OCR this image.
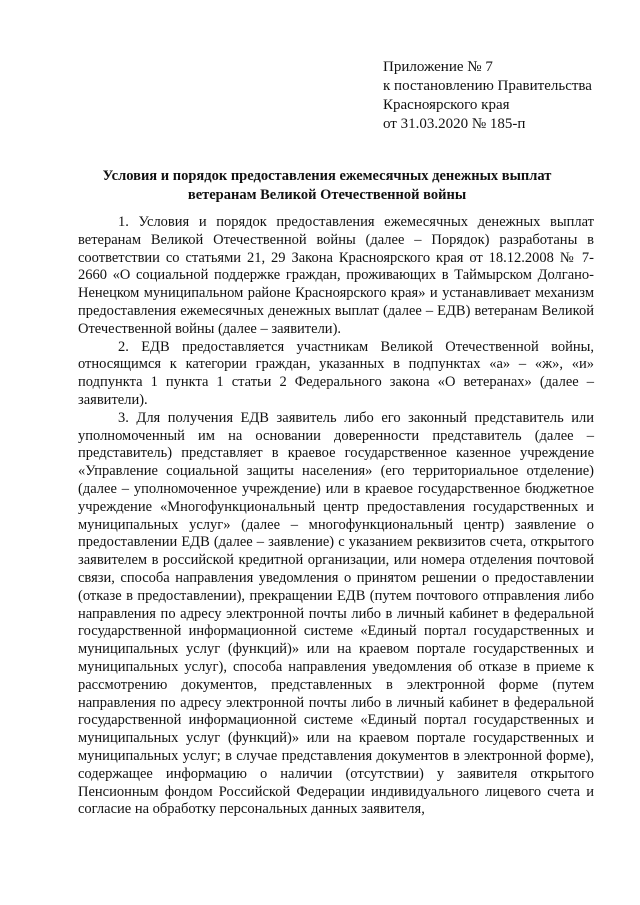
Приложение № 7
к постановлению Правительства
Красноярского края
от 31.03.2020 № 185-п
Условия и порядок предоставления ежемесячных денежных выплат
ветеранам Великой Отечественной войны

1. Условия и порядок предоставления ежемесячных денежных выплат ветеранам Великой Отечественной войны (далее – Порядок) разработаны в соответствии со статьями 21, 29 Закона Красноярского края от 18.12.2008 № 7-2660 «О социальной поддержке граждан, проживающих в Таймырском Долгано-Ненецком муниципальном районе Красноярского края» и устанавливает механизм предоставления ежемесячных денежных выплат (далее – ЕДВ) ветеранам Великой Отечественной войны (далее – заявители).

2. ЕДВ предоставляется участникам Великой Отечественной войны, относящимся к категории граждан, указанных в подпунктах «а» – «ж», «и» подпункта 1 пункта 1 статьи 2 Федерального закона «О ветеранах» (далее – заявители).

3. Для получения ЕДВ заявитель либо его законный представитель или уполномоченный им на основании доверенности представитель (далее – представитель) представляет в краевое государственное казенное учреждение «Управление социальной защиты населения» (его территориальное отделение) (далее – уполномоченное учреждение) или в краевое государственное бюджетное учреждение «Многофункциональный центр предоставления государственных и муниципальных услуг» (далее – многофункциональный центр) заявление о предоставлении ЕДВ (далее – заявление) с указанием реквизитов счета, открытого заявителем в российской кредитной организации, или номера отделения почтовой связи, способа направления уведомления о принятом решении о предоставлении (отказе в предоставлении), прекращении ЕДВ (путем почтового отправления либо направления по адресу электронной почты либо в личный кабинет в федеральной государственной информационной системе «Единый портал государственных и муниципальных услуг (функций)» или на краевом портале государственных и муниципальных услуг), способа направления уведомления об отказе в приеме к рассмотрению документов, представленных в электронной форме (путем направления по адресу электронной почты либо в личный кабинет в федеральной государственной информационной системе «Единый портал государственных и муниципальных услуг (функций)» или на краевом портале государственных и муниципальных услуг; в случае представления документов в электронной форме), содержащее информацию о наличии (отсутствии) у заявителя открытого Пенсионным фондом Российской Федерации индивидуального лицевого счета и согласие на обработку персональных данных заявителя,
